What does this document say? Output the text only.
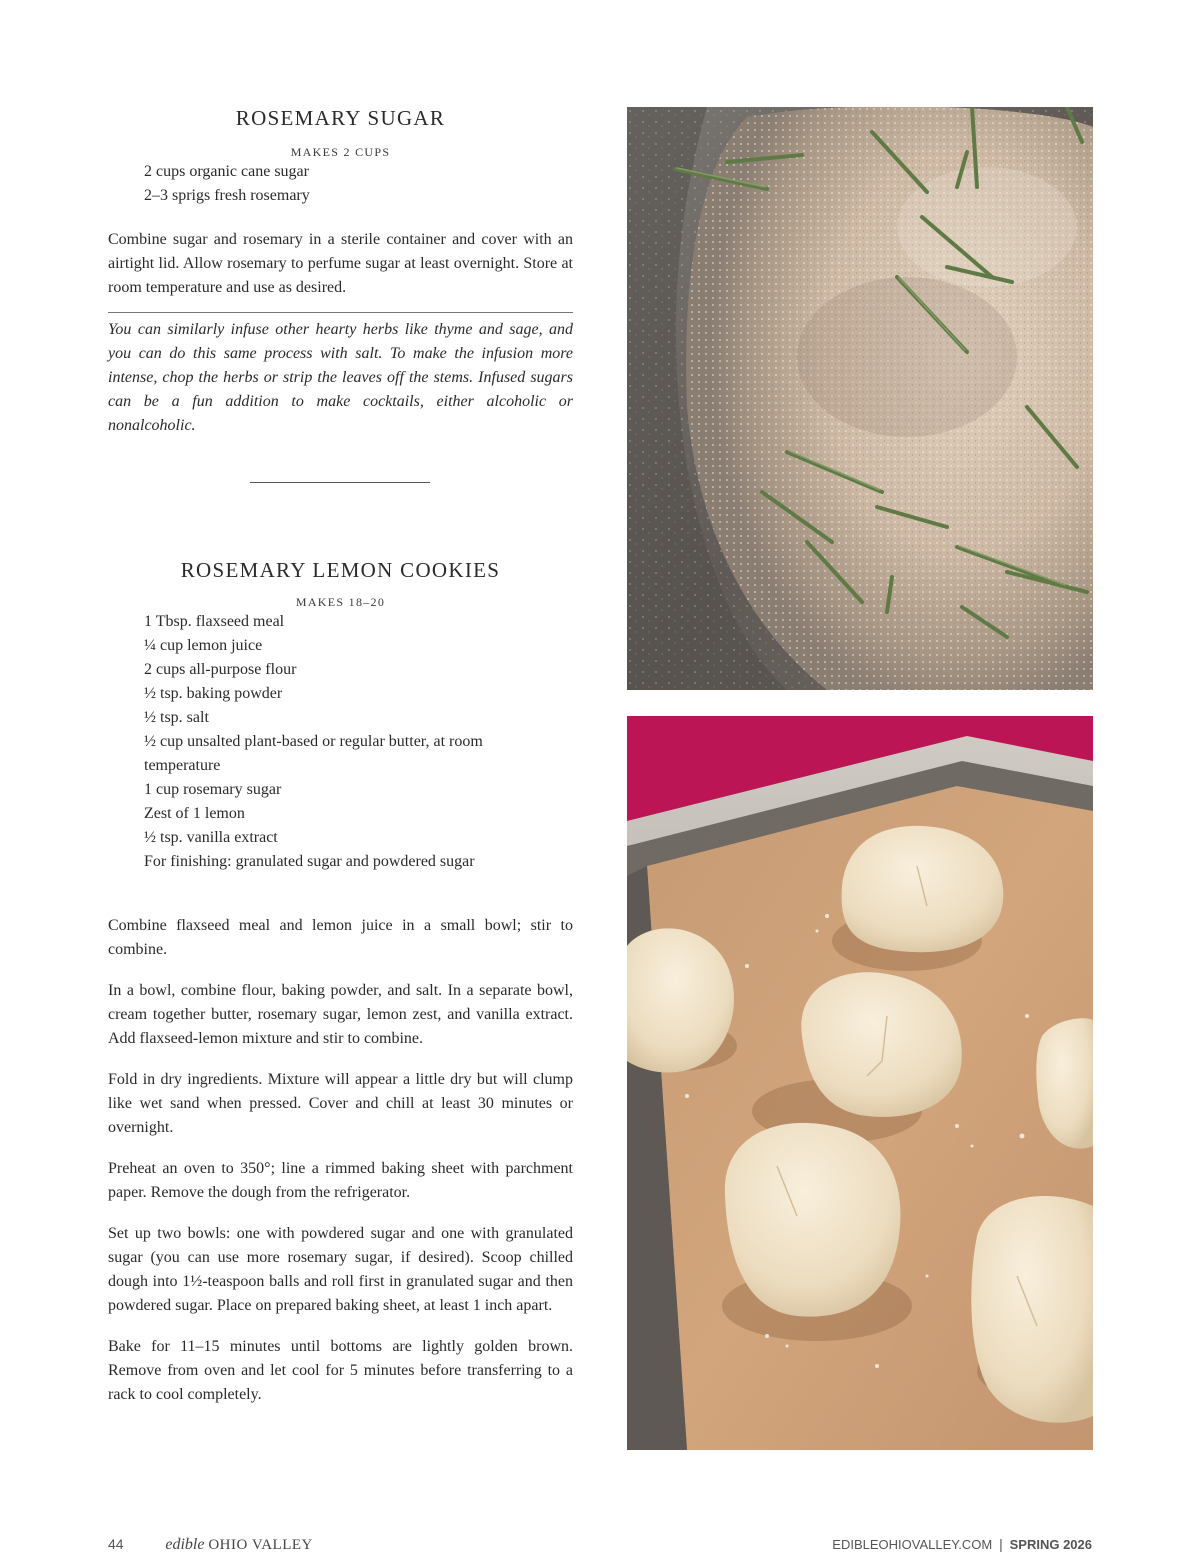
ROSEMARY SUGAR
MAKES 2 CUPS
2 cups organic cane sugar
2–3 sprigs fresh rosemary

Combine sugar and rosemary in a sterile container and cover with an airtight lid. Allow rosemary to perfume sugar at least overnight. Store at room temperature and use as desired.

You can similarly infuse other hearty herbs like thyme and sage, and you can do this same process with salt. To make the infusion more intense, chop the herbs or strip the leaves off the stems. Infused sugars can be a fun addition to make cocktails, either alcoholic or nonalcoholic.

ROSEMARY LEMON COOKIES
MAKES 18–20
1 Tbsp. flaxseed meal
¼ cup lemon juice
2 cups all-purpose flour
½ tsp. baking powder
½ tsp. salt
½ cup unsalted plant-based or regular butter, at room temperature
1 cup rosemary sugar
Zest of 1 lemon
½ tsp. vanilla extract
For finishing: granulated sugar and powdered sugar

Combine flaxseed meal and lemon juice in a small bowl; stir to combine.

In a bowl, combine flour, baking powder, and salt. In a separate bowl, cream together butter, rosemary sugar, lemon zest, and vanilla extract. Add flaxseed-lemon mixture and stir to combine.

Fold in dry ingredients. Mixture will appear a little dry but will clump like wet sand when pressed. Cover and chill at least 30 minutes or overnight.

Preheat an oven to 350°; line a rimmed baking sheet with parchment paper. Remove the dough from the refrigerator.

Set up two bowls: one with powdered sugar and one with granulated sugar (you can use more rosemary sugar, if desired). Scoop chilled dough into 1½-teaspoon balls and roll first in granulated sugar and then powdered sugar. Place on prepared baking sheet, at least 1 inch apart.

Bake for 11–15 minutes until bottoms are lightly golden brown. Remove from oven and let cool for 5 minutes before transferring to a rack to cool completely.

44	edible OHIO VALLEY	EDIBLEOHIOVALLEY.COM | SPRING 2026
